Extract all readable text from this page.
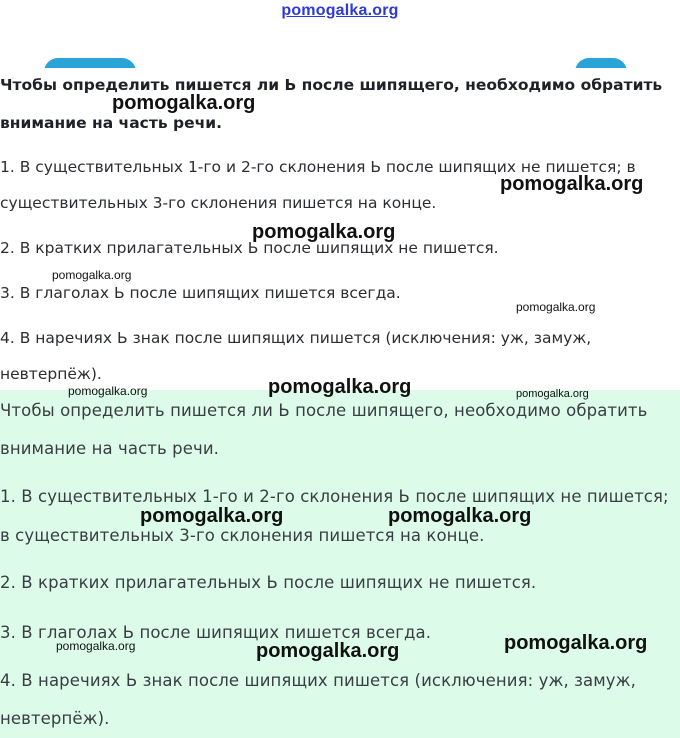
pomogalka.org

Чтобы определить пишется ли Ь после шипящего, необходимо обратить

внимание на часть речи.

1. В существительных 1-го и 2-го склонения Ь после шипящих не пишется; в

существительных 3-го склонения пишется на конце.

2. В кратких прилагательных Ь после шипящих не пишется.

3. В глаголах Ь после шипящих пишется всегда.

4. В наречиях Ь знак после шипящих пишется (исключения: уж, замуж,

невтерпёж).

Чтобы определить пишется ли Ь после шипящего, необходимо обратить

внимание на часть речи.

1. В существительных 1-го и 2-го склонения Ь после шипящих не пишется;

в существительных 3-го склонения пишется на конце.

2. В кратких прилагательных Ь после шипящих не пишется.

3. В глаголах Ь после шипящих пишется всегда.

4. В наречиях Ь знак после шипящих пишется (исключения: уж, замуж,

невтерпёж).

pomogalka.org
pomogalka.org
pomogalka.org
pomogalka.org
pomogalka.org
pomogalka.org	pomogalka.org	pomogalka.org
pomogalka.org	pomogalka.org
pomogalka.org
pomogalka.org	pomogalka.org
